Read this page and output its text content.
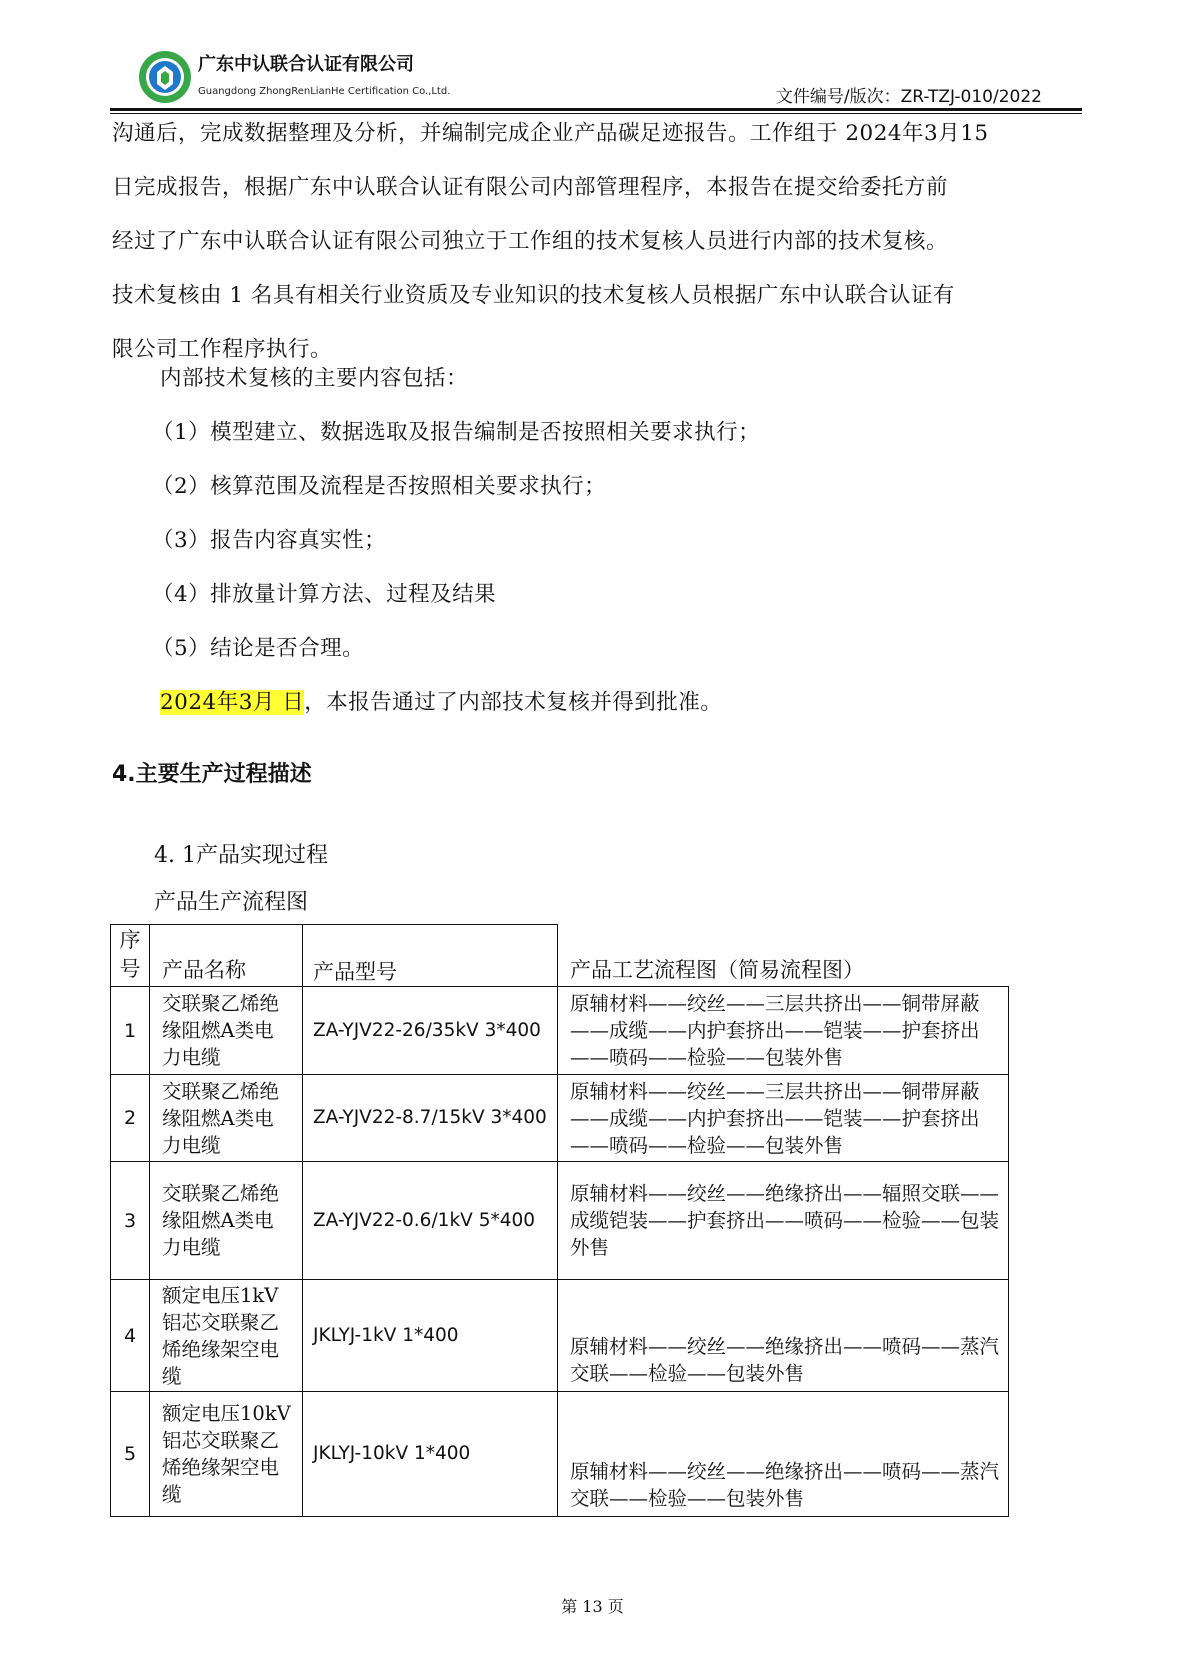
广东中认联合认证有限公司
Guangdong ZhongRenLianHe Certification Co.,Ltd.	文件编号/版次：ZR-TZJ-010/2022

沟通后，完成数据整理及分析，并编制完成企业产品碳足迹报告。工作组于 2024年3月15

日完成报告，根据广东中认联合认证有限公司内部管理程序，本报告在提交给委托方前

经过了广东中认联合认证有限公司独立于工作组的技术复核人员进行内部的技术复核。

技术复核由 1 名具有相关行业资质及专业知识的技术复核人员根据广东中认联合认证有

限公司工作程序执行。

内部技术复核的主要内容包括：

（1）模型建立、数据选取及报告编制是否按照相关要求执行；

（2）核算范围及流程是否按照相关要求执行；

（3）报告内容真实性；

（4）排放量计算方法、过程及结果

（5）结论是否合理。

2024年3月 日，本报告通过了内部技术复核并得到批准。

4.主要生产过程描述
4. 1产品实现过程
产品生产流程图
序号	产品名称	产品型号	产品工艺流程图（简易流程图）
1	交联聚乙烯绝缘阻燃A类电力电缆	ZA-YJV22-26/35kV 3*400	原辅材料——绞丝——三层共挤出——铜带屏蔽——成缆——内护套挤出——铠装——护套挤出——喷码——检验——包装外售
2	交联聚乙烯绝缘阻燃A类电力电缆	ZA-YJV22-8.7/15kV 3*400	原辅材料——绞丝——三层共挤出——铜带屏蔽——成缆——内护套挤出——铠装——护套挤出——喷码——检验——包装外售
3	交联聚乙烯绝缘阻燃A类电力电缆	ZA-YJV22-0.6/1kV 5*400	原辅材料——绞丝——绝缘挤出——辐照交联——成缆铠装——护套挤出——喷码——检验——包装外售
4	额定电压1kV铝芯交联聚乙烯绝缘架空电缆	JKLYJ-1kV 1*400	原辅材料——绞丝——绝缘挤出——喷码——蒸汽交联——检验——包装外售
5	额定电压10kV铝芯交联聚乙烯绝缘架空电缆	JKLYJ-10kV 1*400	原辅材料——绞丝——绝缘挤出——喷码——蒸汽交联——检验——包装外售
第 13 页
